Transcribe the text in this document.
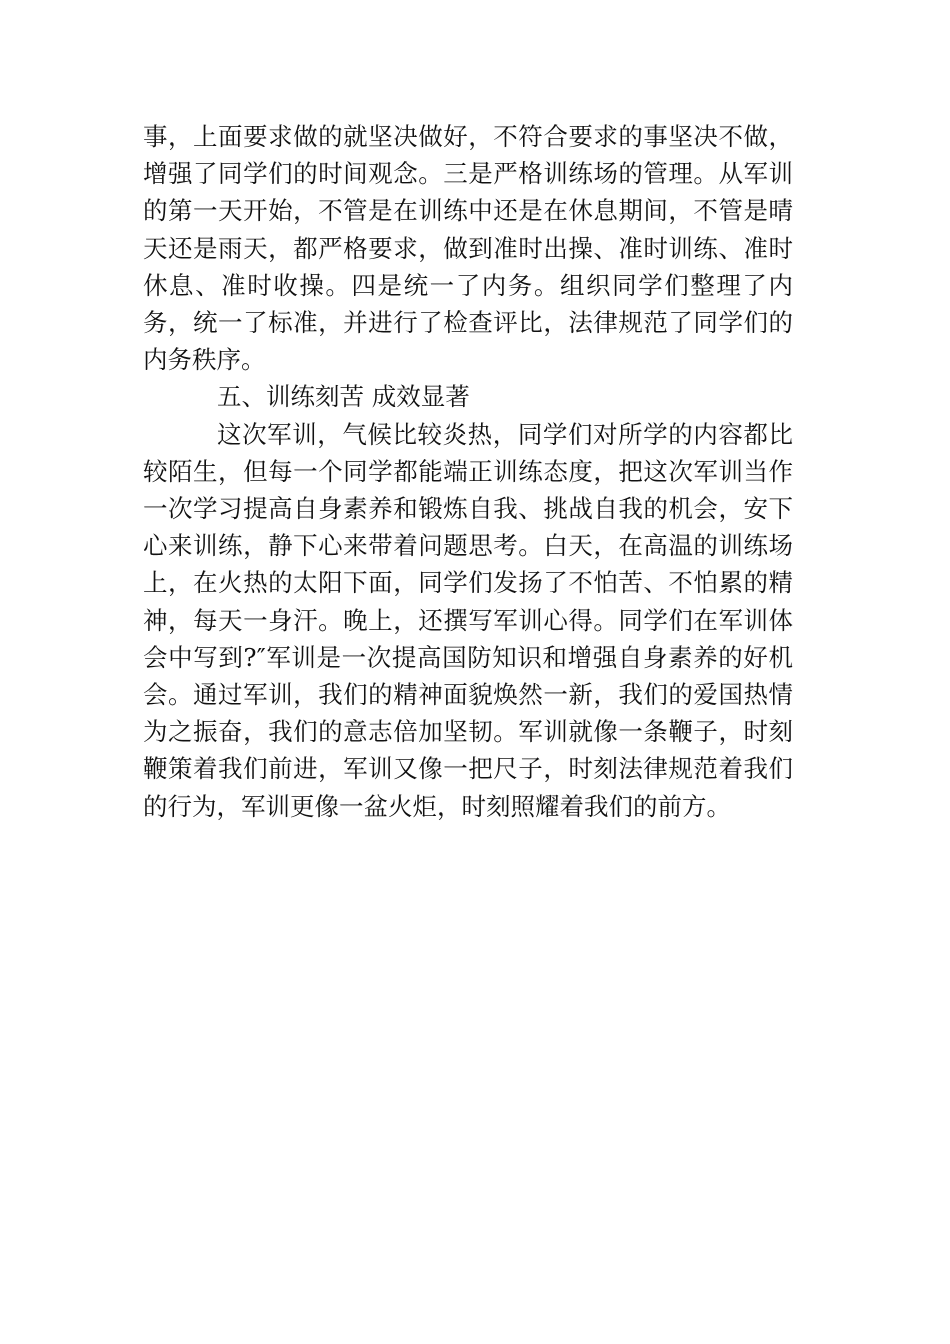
事，上面要求做的就坚决做好，不符合要求的事坚决不做，增强了同学们的时间观念。三是严格训练场的管理。从军训的第一天开始，不管是在训练中还是在休息期间，不管是晴天还是雨天，都严格要求，做到准时出操、准时训练、准时休息、准时收操。四是统一了内务。组织同学们整理了内务，统一了标准，并进行了检查评比，法律规范了同学们的内务秩序。

五、训练刻苦 成效显著

这次军训，气候比较炎热，同学们对所学的内容都比较陌生，但每一个同学都能端正训练态度，把这次军训当作一次学习提高自身素养和锻炼自我、挑战自我的机会，安下心来训练，静下心来带着问题思考。白天，在高温的训练场上，在火热的太阳下面，同学们发扬了不怕苦、不怕累的精神，每天一身汗。晚上，还撰写军训心得。同学们在军训体会中写到?″军训是一次提高国防知识和增强自身素养的好机会。通过军训，我们的精神面貌焕然一新，我们的爱国热情为之振奋，我们的意志倍加坚韧。军训就像一条鞭子，时刻鞭策着我们前进，军训又像一把尺子，时刻法律规范着我们的行为，军训更像一盆火炬，时刻照耀着我们的前方。
